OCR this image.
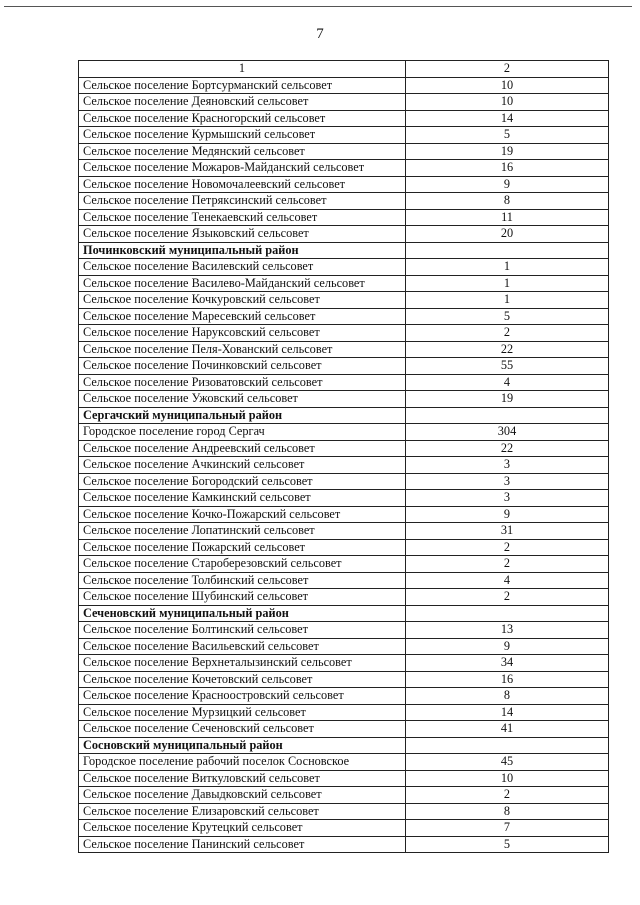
7
1	2
Сельское поселение Бортсурманский сельсовет	10
Сельское поселение Деяновский сельсовет	10
Сельское поселение Красногорский сельсовет	14
Сельское поселение Курмышский сельсовет	5
Сельское поселение Медянский сельсовет	19
Сельское поселение Можаров-Майданский сельсовет	16
Сельское поселение Новомочалеевский сельсовет	9
Сельское поселение Петрякcинский сельсовет	8
Сельское поселение Тенекаевский сельсовет	11
Сельское поселение Языковский сельсовет	20
Починковский муниципальный район	
Сельское поселение Василевский сельсовет	1
Сельское поселение Василево-Майданский сельсовет	1
Сельское поселение Кочкуровский сельсовет	1
Сельское поселение Маресевский сельсовет	5
Сельское поселение Наруксовский сельсовет	2
Сельское поселение Пеля-Хованский сельсовет	22
Сельское поселение Починковский сельсовет	55
Сельское поселение Ризоватовский сельсовет	4
Сельское поселение Ужовский сельсовет	19
Сергачский муниципальный район	
Городское поселение город Сергач	304
Сельское поселение Андреевский сельсовет	22
Сельское поселение Ачкинский сельсовет	3
Сельское поселение Богородский сельсовет	3
Сельское поселение Камкинский сельсовет	3
Сельское поселение Кочко-Пожарский сельсовет	9
Сельское поселение Лопатинский сельсовет	31
Сельское поселение Пожарский сельсовет	2
Сельское поселение Староберезовский сельсовет	2
Сельское поселение Толбинский сельсовет	4
Сельское поселение Шубинский сельсовет	2
Сеченовский муниципальный район	
Сельское поселение Болтинский сельсовет	13
Сельское поселение Васильевский сельсовет	9
Сельское поселение Верхнеталызинский сельсовет	34
Сельское поселение Кочетовский сельсовет	16
Сельское поселение Красноостровский сельсовет	8
Сельское поселение Мурзицкий сельсовет	14
Сельское поселение Сеченовский сельсовет	41
Сосновский муниципальный район	
Городское поселение рабочий поселок Сосновское	45
Сельское поселение Виткуловский сельсовет	10
Сельское поселение Давыдковский сельсовет	2
Сельское поселение Елизаровский сельсовет	8
Сельское поселение Крутецкий сельсовет	7
Сельское поселение Панинский сельсовет	5
